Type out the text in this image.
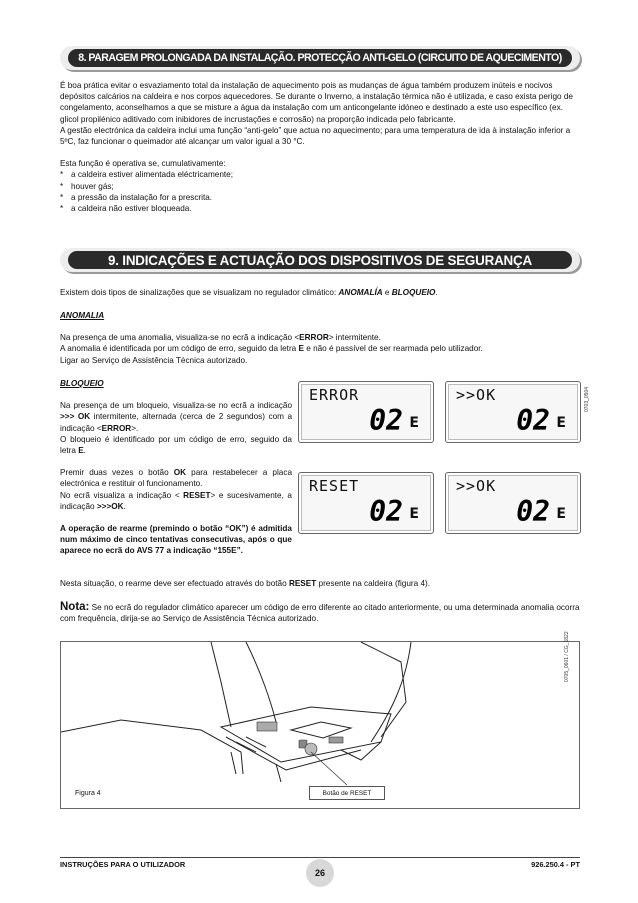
8. PARAGEM PROLONGADA DA INSTALAÇÃO. PROTECÇÃO ANTI-GELO (CIRCUITO DE AQUECIMENTO)

É boa prática evitar o esvaziamento total da instalação de aquecimento pois as mudanças de água também produzem inúteis e nocivos depósitos calcários na caldeira e nos corpos aquecedores. Se durante o Inverno, a instalação térmica não é utilizada, e caso exista perigo de congelamento, aconselhamos a que se misture a água da instalação com um anticongelante idóneo e destinado a este uso específico (ex. glicol propilénico aditivado com inibidores de incrustações e corrosão) na proporção indicada pelo fabricante.

A gestão electrónica da caldeira inclui uma função “anti-gelo” que actua no aquecimento; para uma temperatura de ida à instalação inferior a 5ºC, faz funcionar o queimador até alcançar um valor igual a 30 °C.

Esta função é operativa se, cumulativamente:

* a caldeira estiver alimentada eléctricamente;
* houver gás;
* a pressão da instalação for a prescrita.
* a caldeira não estiver bloqueada.
9. INDICAÇÕES E ACTUAÇÃO DOS DISPOSITIVOS DE SEGURANÇA

Existem dois tipos de sinalizações que se visualizam no regulador climático: ANOMALÍA e BLOQUEIO.

ANOMALIA

Na presença de uma anomalia, visualiza-se no ecrã a indicação <ERROR> intermitente.

A anomalia é identificada por um código de erro, seguido da letra E e não é passível de ser rearmada pelo utilizador.

Ligar ao Serviço de Assistência Técnica autorizado.

BLOQUEIO

Na presença de um bloqueio, visualiza-se no ecrã a indicação >>> OK intermitente, alternada (cerca de 2 segundos) com a indicação <ERROR>.

O bloqueio é identificado por um código de erro, seguido da letra E.

Premir duas vezes o botão OK para restabelecer a placa electrónica e restituir ol funcionamento.

No ecrã visualiza a indicação < RESET> e sucesivamente, a indicação >>>OK.

A operação de rearme (premindo o botão “OK”) é admitida num máximo de cinco tentativas consecutivas, após o que aparece no ecrã do AVS 77 a indicação “155E”.

Nesta situação, o rearme deve ser efectuado através do botão RESET presente na caldeira (figura 4).

ERROR
02 E
>>OK
02 E
RESET
02 E
>>OK
02 E
0703_0504

Nota: Se no ecrã do regulador climático aparecer um código de erro diferente ao citado anteriormente, ou uma determinada anomalia ocorra com frequência, dirija-se ao Serviço de Assistência Técnica autorizado.

Figura 4	Botão de RESET
0705_0601 / CG_1822
INSTRUÇÕES PARA O UTILIZADOR
26
926.250.4 - PT
